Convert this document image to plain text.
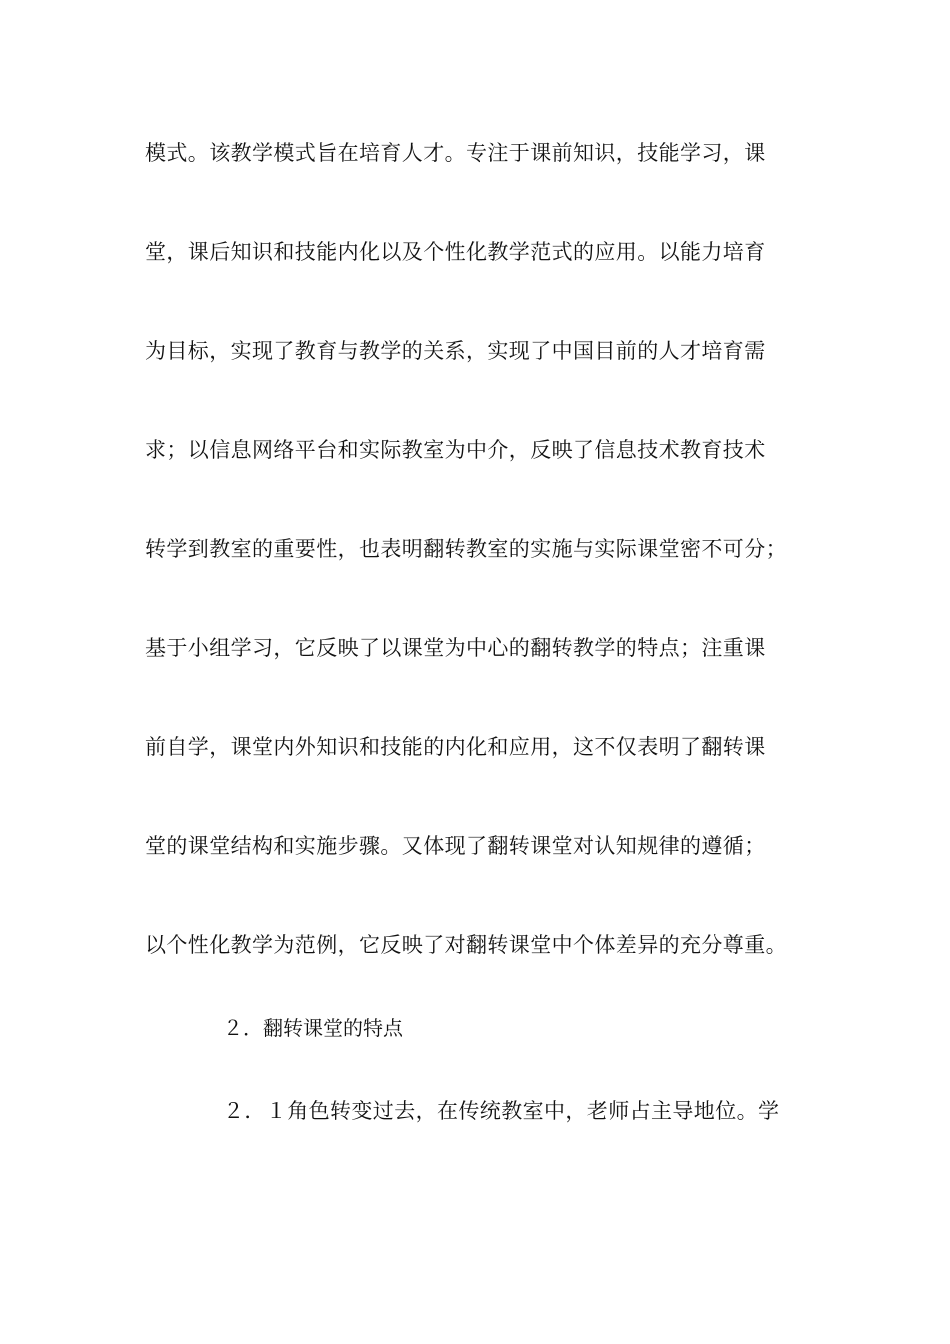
模式。该教学模式旨在培育人才。专注于课前知识，技能学习，课
堂，课后知识和技能内化以及个性化教学范式的应用。以能力培育
为目标，实现了教育与教学的关系，实现了中国目前的人才培育需
求；以信息网络平台和实际教室为中介，反映了信息技术教育技术
转学到教室的重要性，也表明翻转教室的实施与实际课堂密不可分；
基于小组学习，它反映了以课堂为中心的翻转教学的特点；注重课
前自学，课堂内外知识和技能的内化和应用，这不仅表明了翻转课
堂的课堂结构和实施步骤。又体现了翻转课堂对认知规律的遵循；
以个性化教学为范例，它反映了对翻转课堂中个体差异的充分尊重。
２．翻转课堂的特点
２．１角色转变过去，在传统教室中，老师占主导地位。学
